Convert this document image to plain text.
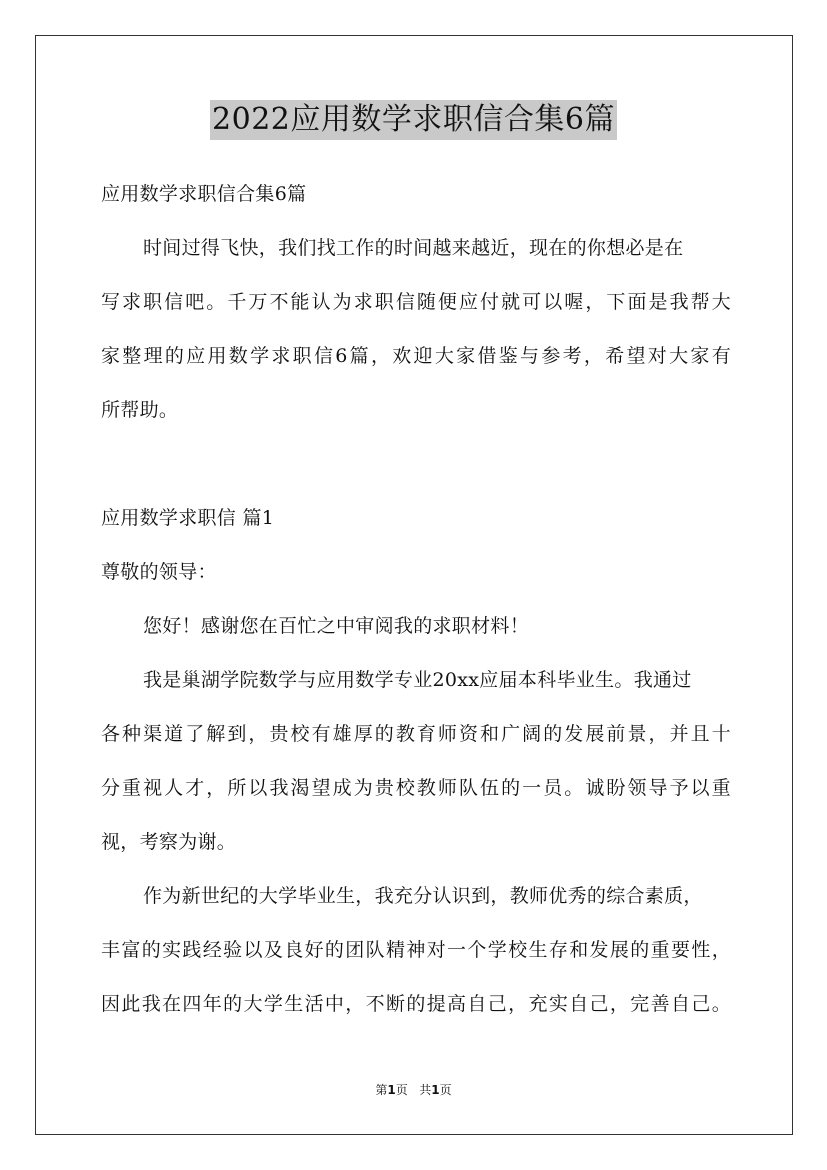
2022应用数学求职信合集6篇
应用数学求职信合集6篇
时间过得飞快，我们找工作的时间越来越近，现在的你想必是在
写求职信吧。千万不能认为求职信随便应付就可以喔，下面是我帮大
家整理的应用数学求职信6篇，欢迎大家借鉴与参考，希望对大家有
所帮助。
应用数学求职信 篇1
尊敬的领导：
您好！感谢您在百忙之中审阅我的求职材料！
我是巢湖学院数学与应用数学专业20xx应届本科毕业生。我通过
各种渠道了解到，贵校有雄厚的教育师资和广阔的发展前景，并且十
分重视人才，所以我渴望成为贵校教师队伍的一员。诚盼领导予以重
视，考察为谢。
作为新世纪的大学毕业生，我充分认识到，教师优秀的综合素质，
丰富的实践经验以及良好的团队精神对一个学校生存和发展的重要性，
因此我在四年的大学生活中，不断的提高自己，充实自己，完善自己。
第1页 共1页
